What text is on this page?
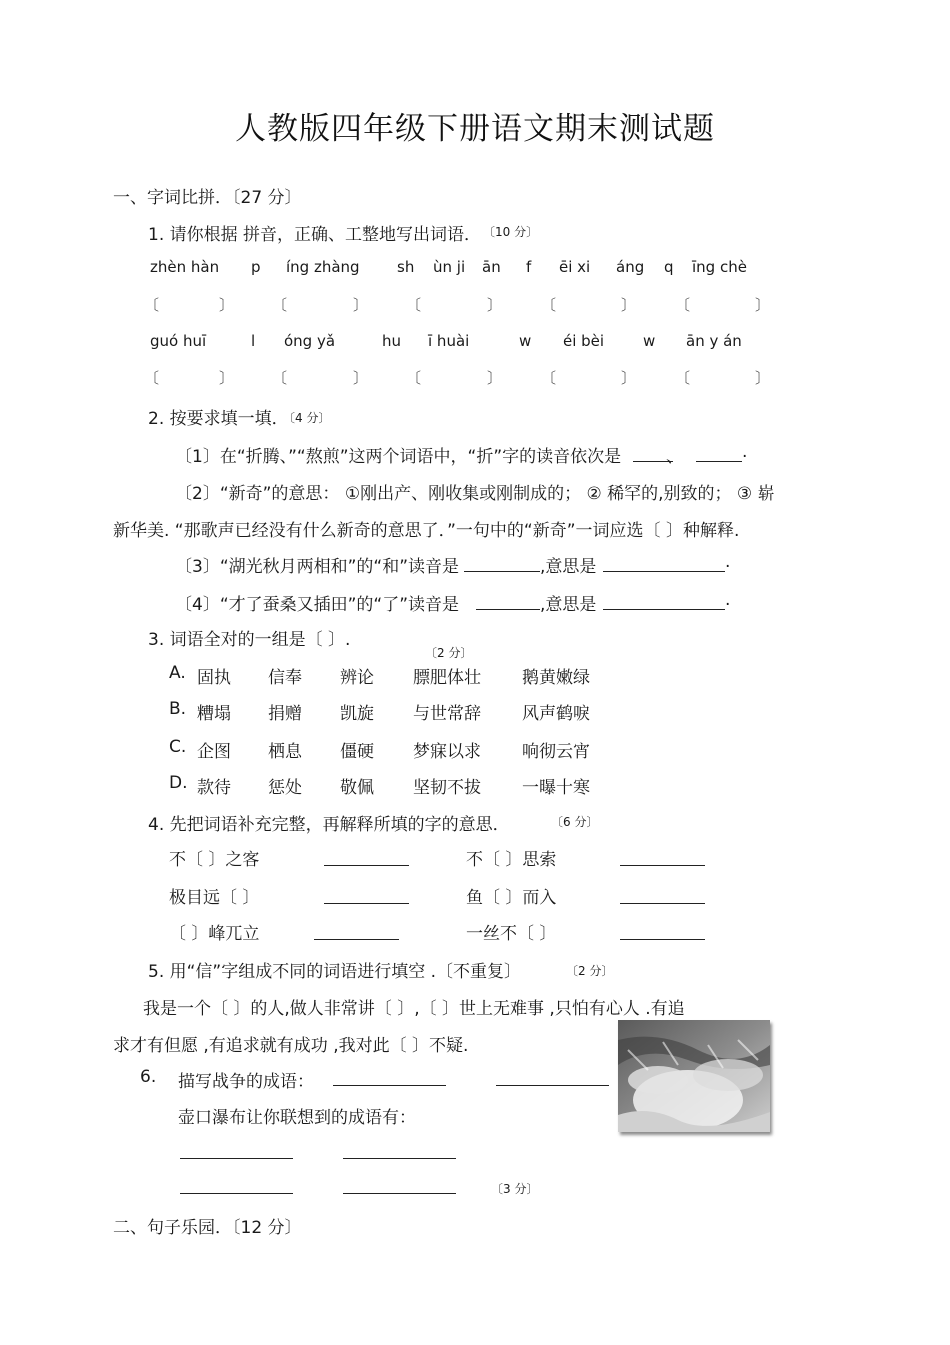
人教版四年级下册语文期末测试题
一、字词比拼．〔27 分〕
1. 请你根据 拼音，正确、工整地写出词语． 〔10 分〕
zhèn hàn p íng zhàng sh ùn ji ān f ēi xi áng q īng chè
〔	〕	〔	〕	〔	〕	〔	〕	〔	〕
guó huī	l óng yǎ	hu ī huài	w éi bèi	w ān y án
〔	〕	〔	〕	〔	〕	〔	〕	〔	〕
2. 按要求填一填．
〔4 分〕
〔1〕在“折腾、”“熬煎”这两个词语中，“折”字的读音依次是	、	.
〔2〕“新奇”的意思： ①刚出产、刚收集或刚制成的； ② 稀罕的,别致的； ③ 崭
新华美. “那歌声已经没有什么新奇的意思了．”一句中的“新奇”一词应选〔 〕种解释.
〔3〕“湖光秋月两相和”的“和”读音是	,意思是	.
〔4〕“才了蚕桑又插田”的“了”读音是	,意思是	.
3. 词语全对的一组是〔 〕.
〔2 分〕
A. 固执 信奉 辨论 膘肥体壮 鹅黄嫩绿
B. 糟塌 捐赠 凯旋 与世常辞 风声鹤唳
C. 企图 栖息 僵硬 梦寐以求 响彻云宵
D. 款待 惩处 敬佩 坚韧不拔 一曝十寒
4. 先把词语补充完整，再解释所填的字的意思．	〔6 分〕
不〔 〕之客	不〔 〕思索
极目远〔 〕	鱼〔 〕而入
〔 〕峰兀立	一丝不〔 〕
5. 用“信”字组成不同的词语进行填空 .〔不重复〕	〔2 分〕
我是一个〔 〕的人,做人非常讲〔 〕,〔 〕世上无难事 ,只怕有心人 .有追
求才有但愿 ,有追求就有成功 ,我对此〔 〕不疑.
6. 描写战争的成语：
壶口瀑布让你联想到的成语有：
〔3 分〕
二、句子乐园．〔12 分〕
